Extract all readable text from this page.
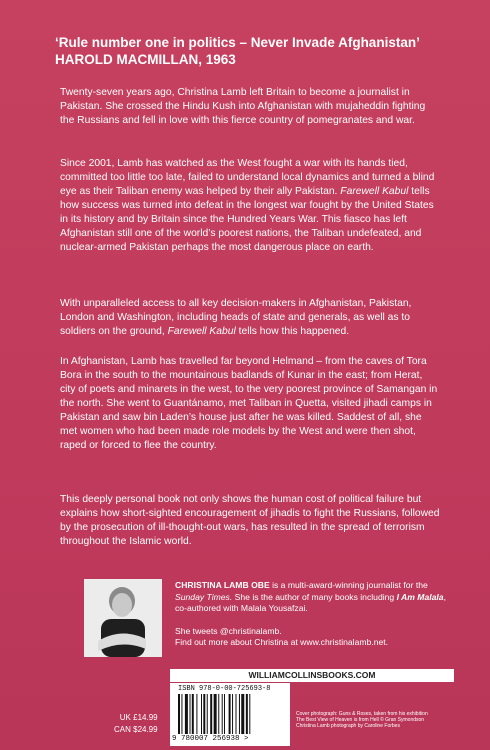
‘Rule number one in politics – Never Invade Afghanistan’
HAROLD MACMILLAN, 1963
Twenty-seven years ago, Christina Lamb left Britain to become a journalist in Pakistan. She crossed the Hindu Kush into Afghanistan with mujaheddin fighting the Russians and fell in love with this fierce country of pomegranates and war.
Since 2001, Lamb has watched as the West fought a war with its hands tied, committed too little too late, failed to understand local dynamics and turned a blind eye as their Taliban enemy was helped by their ally Pakistan. Farewell Kabul tells how success was turned into defeat in the longest war fought by the United States in its history and by Britain since the Hundred Years War. This fiasco has left Afghanistan still one of the world’s poorest nations, the Taliban undefeated, and nuclear-armed Pakistan perhaps the most dangerous place on earth.
With unparalleled access to all key decision-makers in Afghanistan, Pakistan, London and Washington, including heads of state and generals, as well as to soldiers on the ground, Farewell Kabul tells how this happened.
In Afghanistan, Lamb has travelled far beyond Helmand – from the caves of Tora Bora in the south to the mountainous badlands of Kunar in the east; from Herat, city of poets and minarets in the west, to the very poorest province of Samangan in the north. She went to Guantánamo, met Taliban in Quetta, visited jihadi camps in Pakistan and saw bin Laden’s house just after he was killed. Saddest of all, she met women who had been made role models by the West and were then shot, raped or forced to flee the country.
This deeply personal book not only shows the human cost of political failure but explains how short-sighted encouragement of jihadis to fight the Russians, followed by the prosecution of ill-thought-out wars, has resulted in the spread of terrorism throughout the Islamic world.
CHRISTINA LAMB OBE is a multi-award-winning journalist for the Sunday Times. She is the author of many books including I Am Malala, co-authored with Malala Yousafzai.
She tweets @christinalamb.
Find out more about Christina at www.christinalamb.net.
WILLIAMCOLLINSBOOKS.COM
ISBN 978-0-00-725693-8
9 780007 256938 >
UK £14.99
CAN $24.99
Cover photograph: Guns & Roses, taken from his exhibition
The Best View of Heaven is from Hell © Gran Symondson
Christina Lamb photograph by Caroline Forbes
